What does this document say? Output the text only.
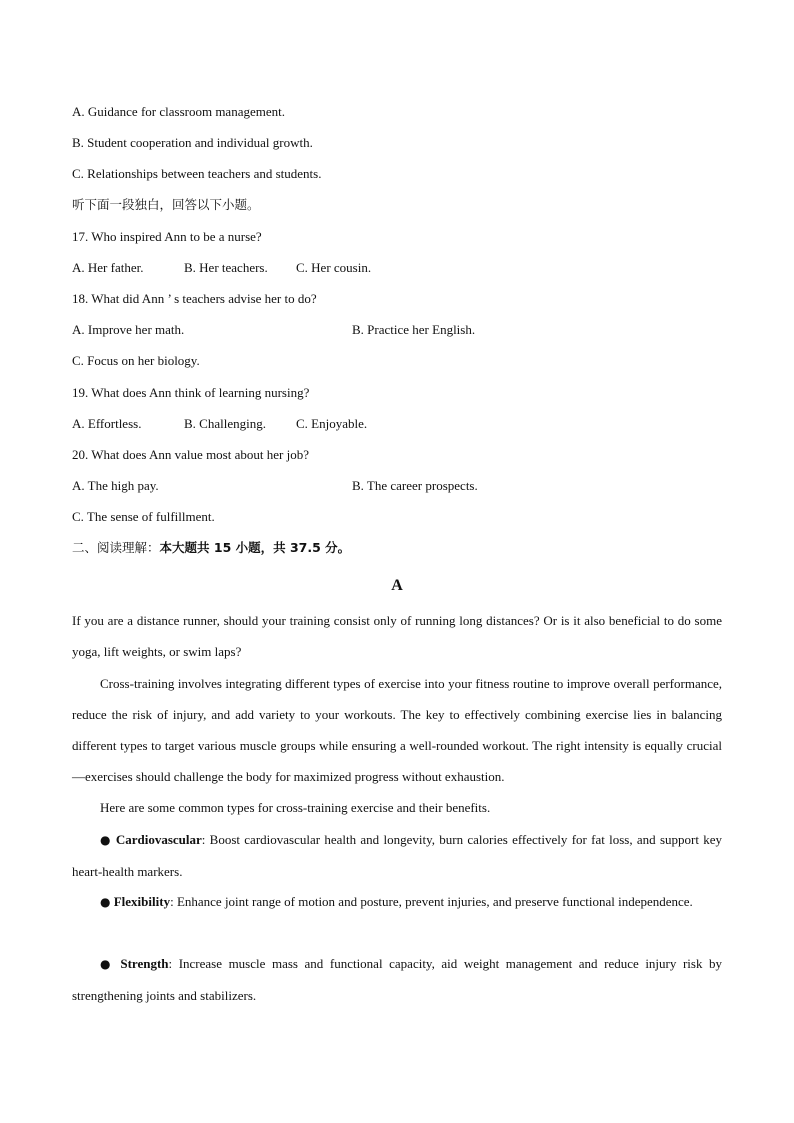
A. Guidance for classroom management.
B. Student cooperation and individual growth.
C. Relationships between teachers and students.
听下面一段独白，回答以下小题。
17. Who inspired Ann to be a nurse?
A. Her father.	B. Her teachers. C. Her cousin.
18. What did Ann ’ s teachers advise her to do?
A. Improve her math.	B. Practice her English.
C. Focus on her biology.
19. What does Ann think of learning nursing?
A. Effortless.	B. Challenging. C. Enjoyable.
20. What does Ann value most about her job?
A. The high pay.	B. The career prospects.
C. The sense of fulfillment.
二、阅读理解：本大题共 15 小题，共 37.5 分。
A
If you are a distance runner, should your training consist only of running long distances? Or is it also beneficial to do some yoga, lift weights, or swim laps?
Cross-training involves integrating different types of exercise into your fitness routine to improve overall performance, reduce the risk of injury, and add variety to your workouts. The key to effectively combining exercise lies in balancing different types to target various muscle groups while ensuring a well-rounded workout. The right intensity is equally crucial—exercises should challenge the body for maximized progress without exhaustion.
Here are some common types for cross-training exercise and their benefits.
● Cardiovascular: Boost cardiovascular health and longevity, burn calories effectively for fat loss, and support key heart-health markers.
● Flexibility: Enhance joint range of motion and posture, prevent injuries, and preserve functional independence.
● Strength: Increase muscle mass and functional capacity, aid weight management and reduce injury risk by strengthening joints and stabilizers.
